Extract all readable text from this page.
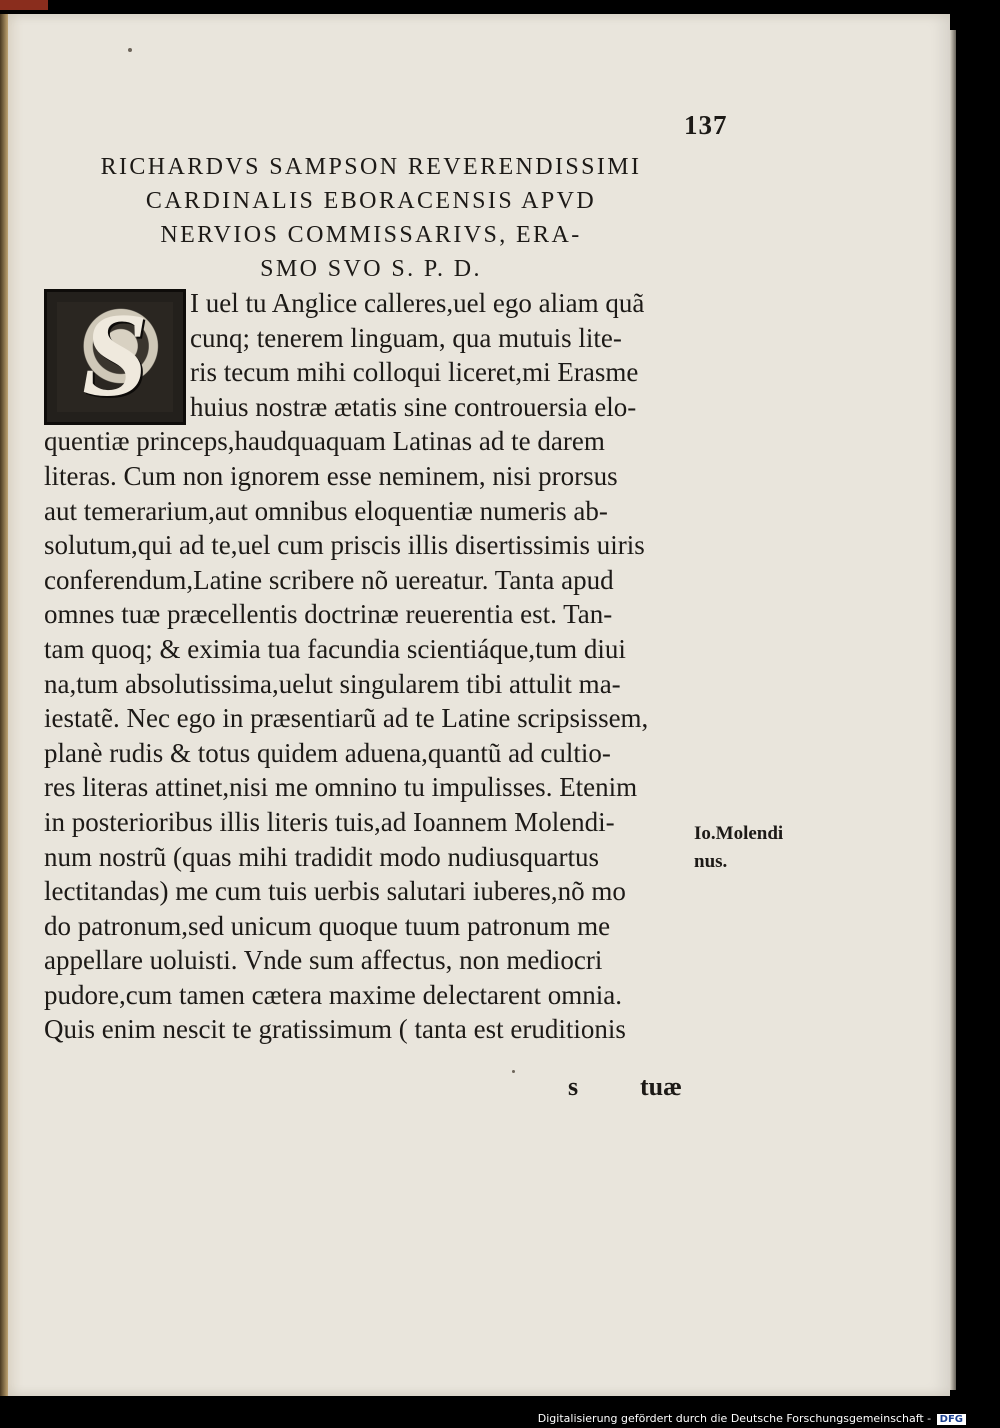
137
RICHARDVS SAMPSON REVERENDISSIMI
CARDINALIS EBORACENSIS APVD
NERVIOS COMMISSARIVS, ERA-
SMO SVO S. P. D.
S	I uel tu Anglice calleres,uel ego aliam quã
cunq; tenerem linguam, qua mutuis lite-
ris tecum mihi colloqui liceret,mi Erasme
huius nostræ ætatis sine controuersia elo-
quentiæ princeps,haudquaquam Latinas ad te darem
literas. Cum non ignorem esse neminem, nisi prorsus
aut temerarium,aut omnibus eloquentiæ numeris ab-
solutum,qui ad te,uel cum priscis illis disertissimis uiris
conferendum,Latine scribere nõ uereatur. Tanta apud
omnes tuæ præcellentis doctrinæ reuerentia est. Tan-
tam quoq; & eximia tua facundia scientiáque,tum diui
na,tum absolutissima,uelut singularem tibi attulit ma-
iestatẽ. Nec ego in præsentiarũ ad te Latine scripsissem,
planè rudis & totus quidem aduena,quantũ ad cultio-
res literas attinet,nisi me omnino tu impulisses. Etenim
in posterioribus illis literis tuis,ad Ioannem Molendi-
num nostrũ (quas mihi tradidit modo nudiusquartus
lectitandas) me cum tuis uerbis salutari iuberes,nõ mo
do patronum,sed unicum quoque tuum patronum me
appellare uoluisti. Vnde sum affectus, non mediocri
pudore,cum tamen cætera maxime delectarent omnia.
Quis enim nescit te gratissimum ( tanta est eruditionis
s tuæ
Io.Molendi
nus.
Digitalisierung gefördert durch die Deutsche Forschungsgemeinschaft - DFG
